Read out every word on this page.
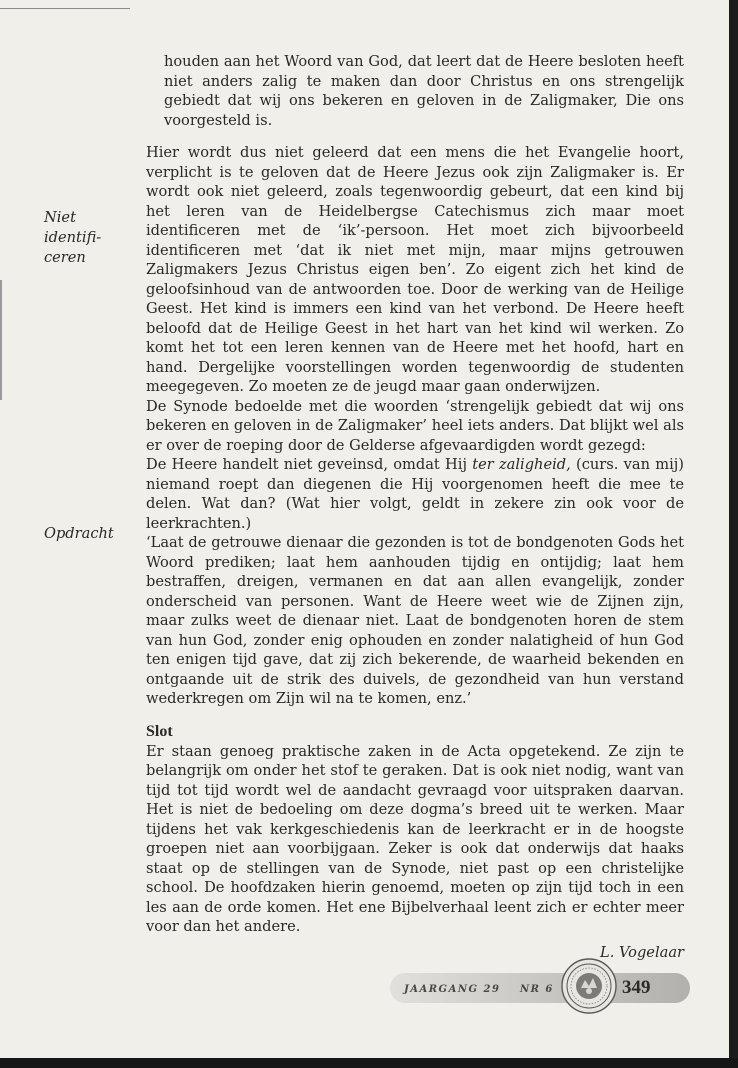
Niet
identifi-
ceren
Opdracht

houden aan het Woord van God, dat leert dat de Heere besloten heeft niet anders zalig te maken dan door Christus en ons strengelijk gebiedt dat wij ons bekeren en geloven in de Zaligmaker, Die ons voorgesteld is.

Hier wordt dus niet geleerd dat een mens die het Evangelie hoort, verplicht is te geloven dat de Heere Jezus ook zijn Zaligmaker is. Er wordt ook niet geleerd, zoals tegenwoordig gebeurt, dat een kind bij het leren van de Heidelbergse Catechismus zich maar moet identificeren met de ‘ik’-persoon. Het moet zich bijvoorbeeld identificeren met ‘dat ik niet met mijn, maar mijns getrouwen Zaligmakers Jezus Christus eigen ben’. Zo eigent zich het kind de geloofsinhoud van de antwoorden toe. Door de werking van de Heilige Geest. Het kind is immers een kind van het verbond. De Heere heeft beloofd dat de Heilige Geest in het hart van het kind wil werken. Zo komt het tot een leren kennen van de Heere met het hoofd, hart en hand. Dergelijke voorstellingen worden tegenwoordig de studenten meegegeven. Zo moeten ze de jeugd maar gaan onderwijzen.

De Synode bedoelde met die woorden ‘strengelijk gebiedt dat wij ons bekeren en geloven in de Zaligmaker’ heel iets anders. Dat blijkt wel als er over de roeping door de Gelderse afgevaardigden wordt gezegd:

De Heere handelt niet geveinsd, omdat Hij ter zaligheid, (curs. van mij) niemand roept dan diegenen die Hij voorgenomen heeft die mee te delen. Wat dan? (Wat hier volgt, geldt in zekere zin ook voor de leerkrachten.)

‘Laat de getrouwe dienaar die gezonden is tot de bondgenoten Gods het Woord prediken; laat hem aanhouden tijdig en ontijdig; laat hem bestraffen, dreigen, vermanen en dat aan allen evangelijk, zonder onderscheid van personen. Want de Heere weet wie de Zijnen zijn, maar zulks weet de dienaar niet. Laat de bondgenoten horen de stem van hun God, zonder enig ophouden en zonder nalatigheid of hun God ten enigen tijd gave, dat zij zich bekerende, de waarheid bekenden en ontgaande uit de strik des duivels, de gezondheid van hun verstand wederkregen om Zijn wil na te komen, enz.’

Slot

Er staan genoeg praktische zaken in de Acta opgetekend. Ze zijn te belangrijk om onder het stof te geraken. Dat is ook niet nodig, want van tijd tot tijd wordt wel de aandacht gevraagd voor uitspraken daarvan. Het is niet de bedoeling om deze dogma’s breed uit te werken. Maar tijdens het vak kerkgeschiedenis kan de leerkracht er in de hoogste groepen niet aan voorbijgaan. Zeker is ook dat onderwijs dat haaks staat op de stellingen van de Synode, niet past op een christelijke school. De hoofdzaken hierin genoemd, moeten op zijn tijd toch in een les aan de orde komen. Het ene Bijbelverhaal leent zich er echter meer voor dan het andere.

L. Vogelaar

JAARGANG 29 NR 6	349
